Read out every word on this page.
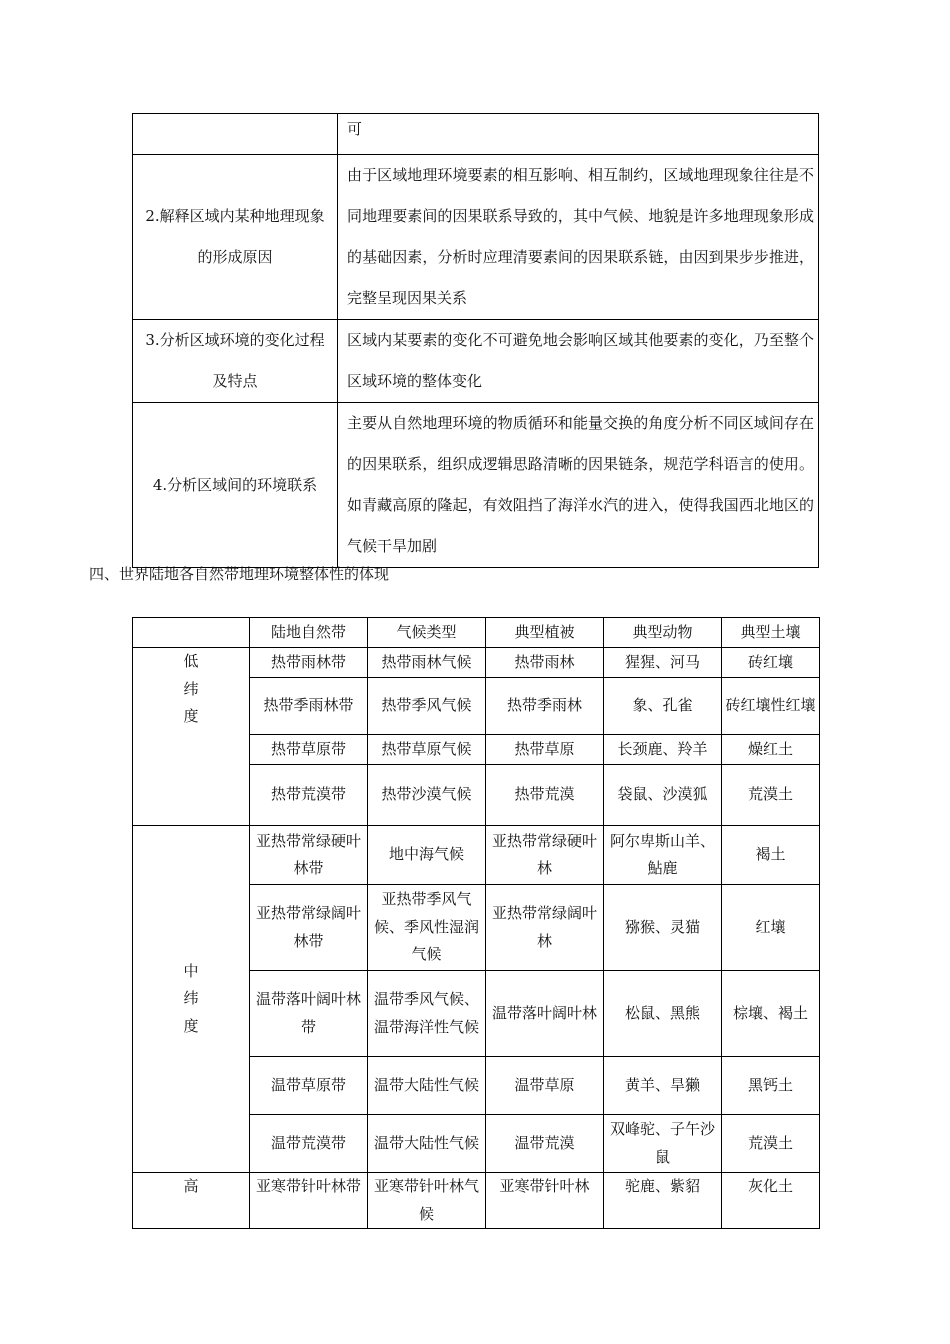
	可
2.解释区域内某种地理现象的形成原因	由于区域地理环境要素的相互影响、相互制约，区域地理现象往往是不同地理要素间的因果联系导致的，其中气候、地貌是许多地理现象形成的基础因素，分析时应理清要素间的因果联系链，由因到果步步推进，完整呈现因果关系
3.分析区域环境的变化过程及特点	区域内某要素的变化不可避免地会影响区域其他要素的变化，乃至整个区域环境的整体变化
4.分析区域间的环境联系	主要从自然地理环境的物质循环和能量交换的角度分析不同区域间存在的因果联系，组织成逻辑思路清晰的因果链条，规范学科语言的使用。如青藏高原的隆起，有效阻挡了海洋水汽的进入，使得我国西北地区的气候干旱加剧
四、世界陆地各自然带地理环境整体性的体现
	陆地自然带	气候类型	典型植被	典型动物	典型土壤
低
纬
度	热带雨林带	热带雨林气候	热带雨林	猩猩、河马	砖红壤
	热带季雨林带	热带季风气候	热带季雨林	象、孔雀	砖红壤性红壤
	热带草原带	热带草原气候	热带草原	长颈鹿、羚羊	燥红土
	热带荒漠带	热带沙漠气候	热带荒漠	袋鼠、沙漠狐	荒漠土
中
纬
度	亚热带常绿硬叶林带	地中海气候	亚热带常绿硬叶林	阿尔卑斯山羊、鮎鹿	褐土
	亚热带常绿阔叶林带	亚热带季风气候、季风性湿润气候	亚热带常绿阔叶林	猕猴、灵猫	红壤
	温带落叶阔叶林带	温带季风气候、温带海洋性气候	温带落叶阔叶林	松鼠、黑熊	棕壤、褐土
	温带草原带	温带大陆性气候	温带草原	黄羊、旱獭	黑钙土
	温带荒漠带	温带大陆性气候	温带荒漠	双峰驼、子午沙鼠	荒漠土
高	亚寒带针叶林带	亚寒带针叶林气候	亚寒带针叶林	驼鹿、紫貂	灰化土
